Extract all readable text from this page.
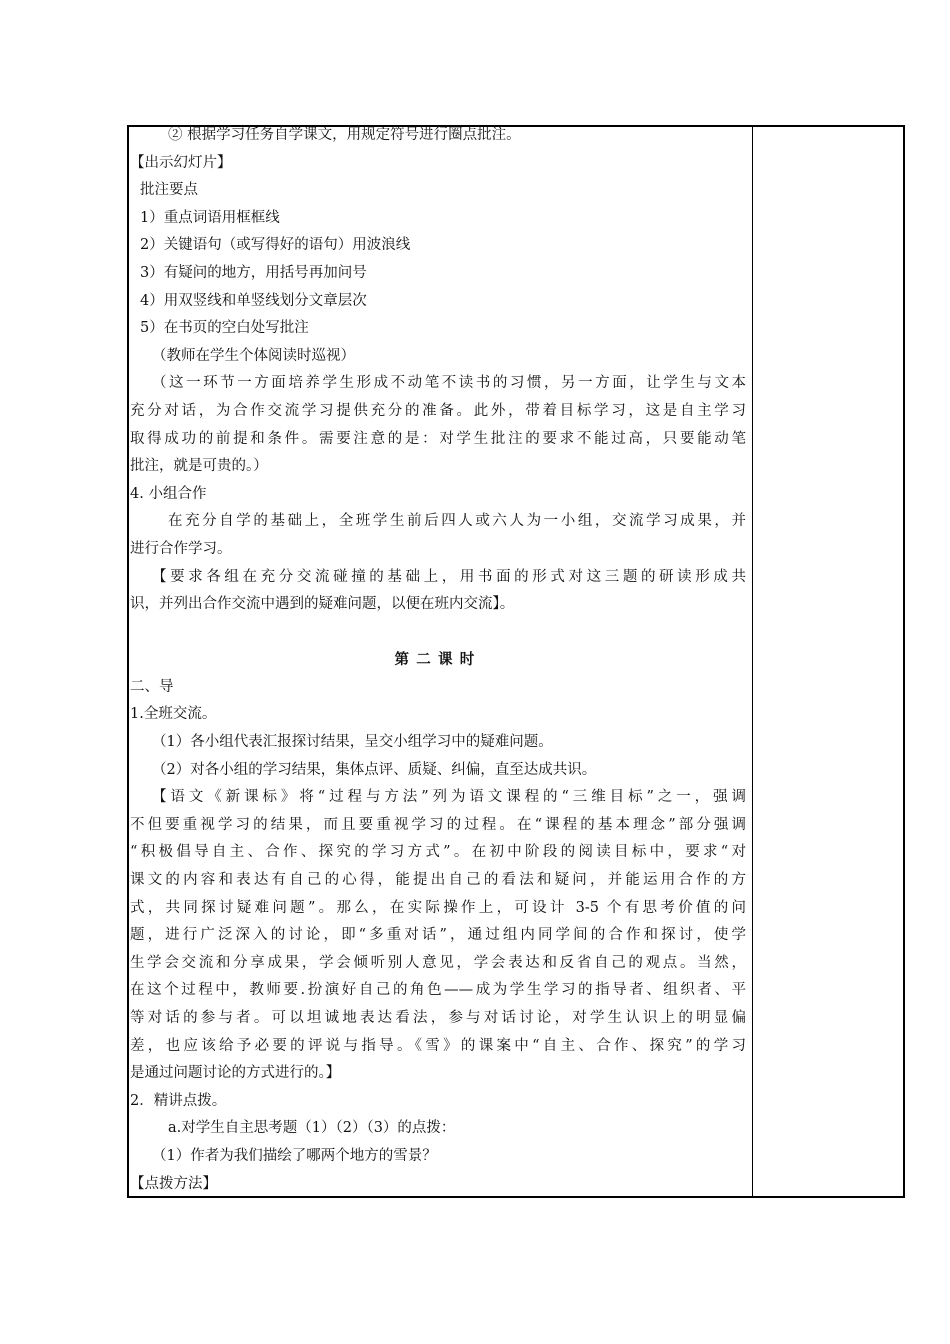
② 根据学习任务自学课文，用规定符号进行圈点批注。
【出示幻灯片】
批注要点
1）重点词语用框框线
2）关键语句（或写得好的语句）用波浪线
3）有疑问的地方，用括号再加问号
4）用双竖线和单竖线划分文章层次
5）在书页的空白处写批注
（教师在学生个体阅读时巡视）
（这一环节一方面培养学生形成不动笔不读书的习惯，另一方面，让学生与文本
充分对话，为合作交流学习提供充分的准备。此外，带着目标学习，这是自主学习
取得成功的前提和条件。需要注意的是：对学生批注的要求不能过高，只要能动笔
批注，就是可贵的。）
4. 小组合作
在充分自学的基础上，全班学生前后四人或六人为一小组，交流学习成果，并
进行合作学习。
【要求各组在充分交流碰撞的基础上，用书面的形式对这三题的研读形成共
识，并列出合作交流中遇到的疑难问题，以便在班内交流】。
第二课时
二、导
1.全班交流。
（1）各小组代表汇报探讨结果，呈交小组学习中的疑难问题。
（2）对各小组的学习结果，集体点评、质疑、纠偏，直至达成共识。
【语文《新课标》将“过程与方法”列为语文课程的“三维目标”之一，强调
不但要重视学习的结果，而且要重视学习的过程。在“课程的基本理念”部分强调
“积极倡导自主、合作、探究的学习方式”。在初中阶段的阅读目标中，要求“对
课文的内容和表达有自己的心得，能提出自己的看法和疑问，并能运用合作的方
式，共同探讨疑难问题”。那么，在实际操作上，可设计 3-5 个有思考价值的问
题，进行广泛深入的讨论，即“多重对话”，通过组内同学间的合作和探讨，使学
生学会交流和分享成果，学会倾听别人意见，学会表达和反省自己的观点。当然，
在这个过程中，教师要.扮演好自己的角色——成为学生学习的指导者、组织者、平
等对话的参与者。可以坦诚地表达看法，参与对话讨论，对学生认识上的明显偏
差，也应该给予必要的评说与指导。《雪》的课案中“自主、合作、探究”的学习
是通过问题讨论的方式进行的。】
2．精讲点拨。
a.对学生自主思考题（1）（2）（3）的点拨：
（1）作者为我们描绘了哪两个地方的雪景？
【点拨方法】
